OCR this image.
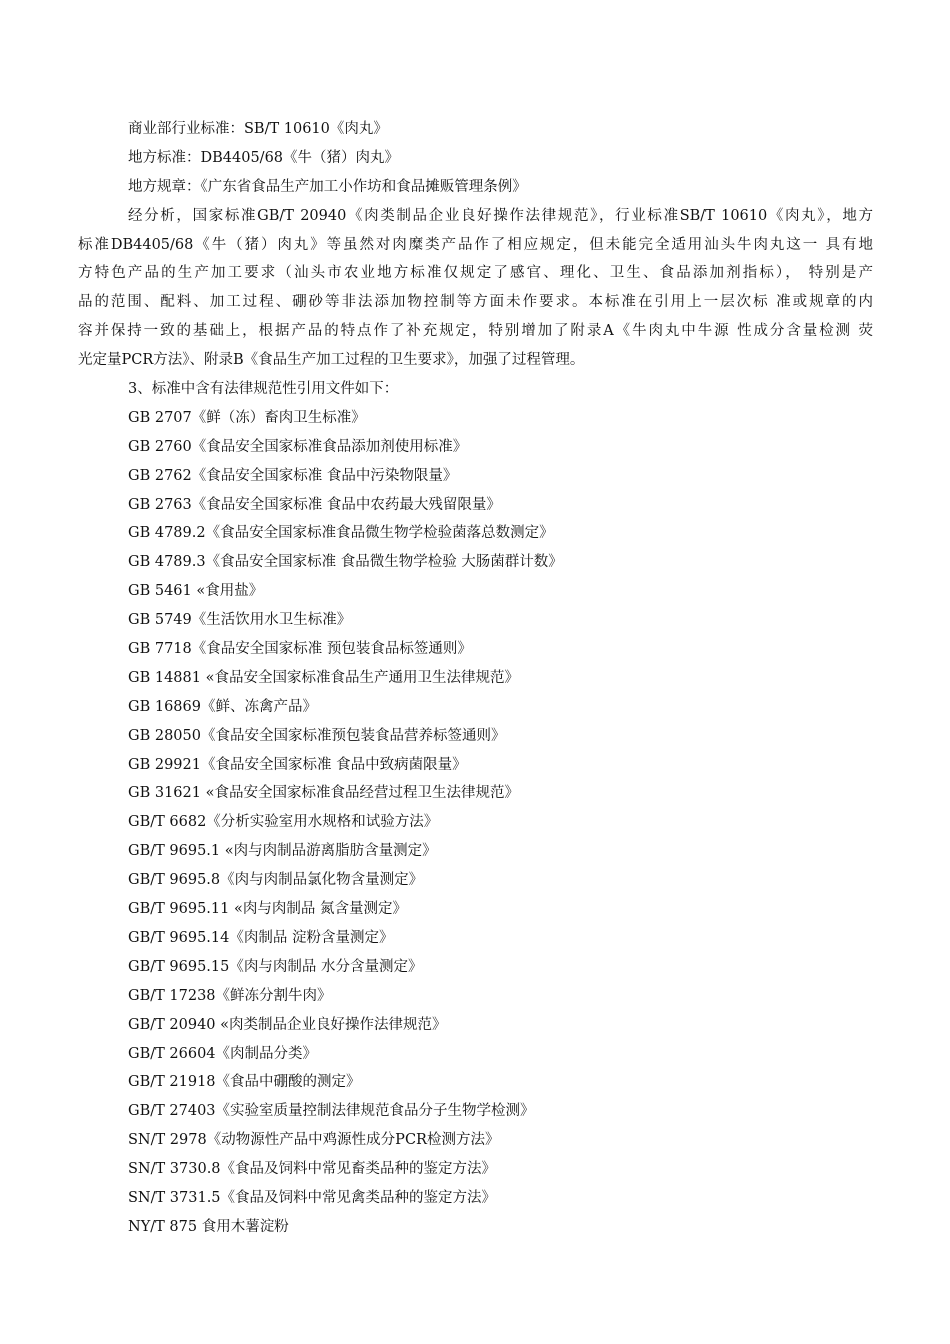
商业部行业标准：SB/T 10610《肉丸》
地方标准：DB4405/68《牛（猪）肉丸》
地方规章：《广东省食品生产加工小作坊和食品摊贩管理条例》
经分析，国家标准GB/T 20940《肉类制品企业良好操作法律规范》，行业标准SB/T 10610《肉丸》，地方
标准DB4405/68《牛（猪）肉丸》等虽然对肉糜类产品作了相应规定，但未能完全适用汕头牛肉丸这一 具有地
方特色产品的生产加工要求（汕头市农业地方标准仅规定了感官、理化、卫生、食品添加剂指标）， 特别是产
品的范围、配料、加工过程、硼砂等非法添加物控制等方面未作要求。本标准在引用上一层次标 准或规章的内
容并保持一致的基础上，根据产品的特点作了补充规定，特别增加了附录A《牛肉丸中牛源 性成分含量检测 荧
光定量PCR方法》、附录B《食品生产加工过程的卫生要求》，加强了过程管理。
3、标准中含有法律规范性引用文件如下：
GB 2707《鲜（冻）畜肉卫生标准》
GB 2760《食品安全国家标准食品添加剂使用标准》
GB 2762《食品安全国家标准 食品中污染物限量》
GB 2763《食品安全国家标准 食品中农药最大残留限量》
GB 4789.2《食品安全国家标准食品微生物学检验菌落总数测定》
GB 4789.3《食品安全国家标准 食品微生物学检验 大肠菌群计数》
GB 5461 «食用盐》
GB 5749《生活饮用水卫生标准》
GB 7718《食品安全国家标准 预包装食品标签通则》
GB 14881 «食品安全国家标准食品生产通用卫生法律规范》
GB 16869《鲜、冻禽产品》
GB 28050《食品安全国家标准预包装食品营养标签通则》
GB 29921《食品安全国家标准 食品中致病菌限量》
GB 31621 «食品安全国家标准食品经营过程卫生法律规范》
GB/T 6682《分析实验室用水规格和试验方法》
GB/T 9695.1 «肉与肉制品游离脂肪含量测定》
GB/T 9695.8《肉与肉制品氯化物含量测定》
GB/T 9695.11 «肉与肉制品 氮含量测定》
GB/T 9695.14《肉制品 淀粉含量测定》
GB/T 9695.15《肉与肉制品 水分含量测定》
GB/T 17238《鲜冻分割牛肉》
GB/T 20940 «肉类制品企业良好操作法律规范》
GB/T 26604《肉制品分类》
GB/T 21918《食品中硼酸的测定》
GB/T 27403《实验室质量控制法律规范食品分子生物学检测》
SN/T 2978《动物源性产品中鸡源性成分PCR检测方法》
SN/T 3730.8《食品及饲料中常见畜类品种的鉴定方法》
SN/T 3731.5《食品及饲料中常见禽类品种的鉴定方法》
NY/T 875 食用木薯淀粉
